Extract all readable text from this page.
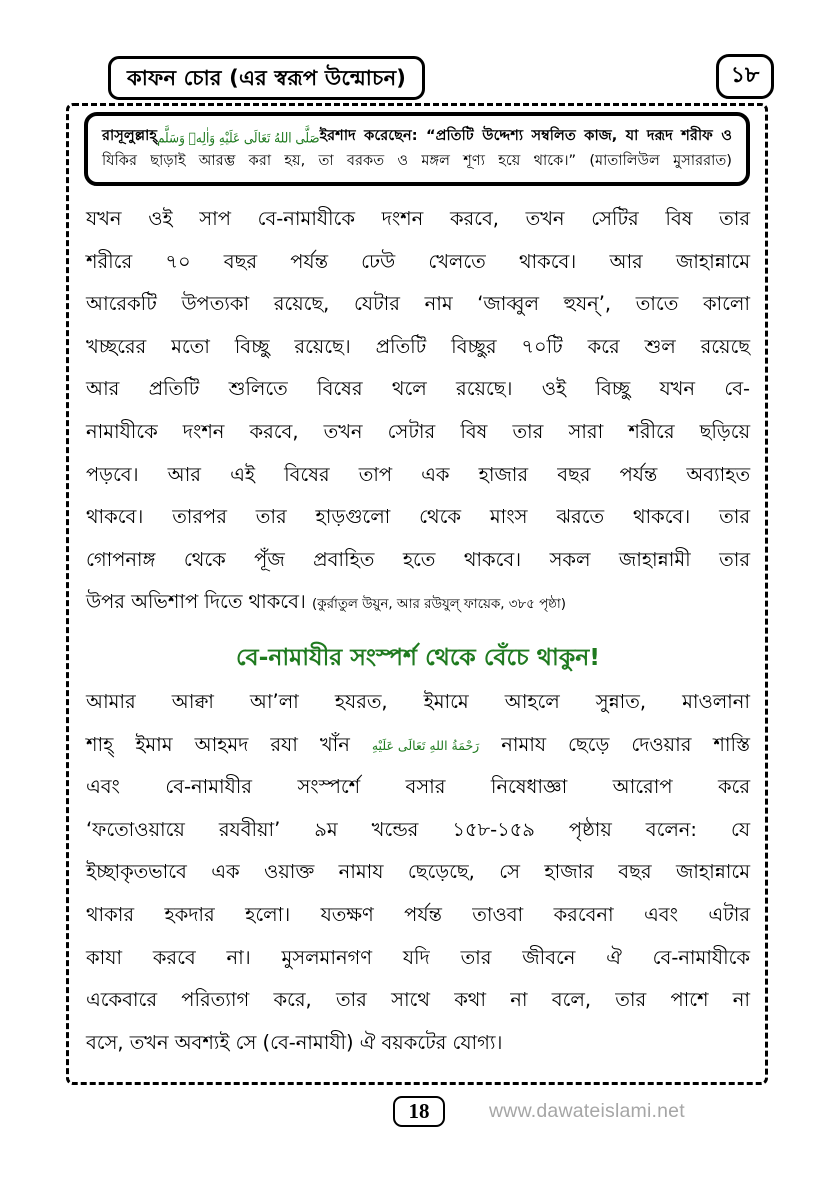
কাফন চোর (এর স্বরূপ উন্মোচন)	১৮
রাসূলুল্লাহ্صَلَّى اللهُ تَعَالَى عَلَيْهِ وَاٰلِهٖ وَسَلَّمইরশাদ করেছেন: “প্রতিটি উদ্দেশ্য সম্বলিত কাজ, যা দরূদ শরীফ ও
যিকির ছাড়াই আরম্ভ করা হয়, তা বরকত ও মঙ্গল শূণ্য হয়ে থাকে।” (মাতালিউল মুসাররাত)
যখন ওই সাপ বে-নামাযীকে দংশন করবে, তখন সেটির বিষ তার
শরীরে ৭০ বছর পর্যন্ত ঢেউ খেলতে থাকবে। আর জাহান্নামে
আরেকটি উপত্যকা রয়েছে, যেটার নাম ‘জাব্বুল হুযন্’, তাতে কালো
খচ্ছরের মতো বিচ্ছু রয়েছে। প্রতিটি বিচ্ছুর ৭০টি করে শুল রয়েছে
আর প্রতিটি শুলিতে বিষের থলে রয়েছে। ওই বিচ্ছু যখন বে-
নামাযীকে দংশন করবে, তখন সেটার বিষ তার সারা শরীরে ছড়িয়ে
পড়বে। আর এই বিষের তাপ এক হাজার বছর পর্যন্ত অব্যাহত
থাকবে। তারপর তার হাড়গুলো থেকে মাংস ঝরতে থাকবে। তার
গোপনাঙ্গ থেকে পূঁজ প্রবাহিত হতে থাকবে। সকল জাহান্নামী তার
উপর অভিশাপ দিতে থাকবে। (কুর্রাতুল উয়ুন, আর রউযুল্ ফায়েক, ৩৮৫ পৃষ্ঠা)
বে-নামাযীর সংস্পর্শ থেকে বেঁচে থাকুন!
আমার আক্বা আ’লা হযরত, ইমামে আহলে সুন্নাত, মাওলানা
শাহ্ ইমাম আহমদ রযা খাঁন رَحْمَةُ اللهِ تَعَالَى عَلَيْهِ নামায ছেড়ে দেওয়ার শাস্তি
এবং বে-নামাযীর সংস্পর্শে বসার নিষেধাজ্ঞা আরোপ করে
‘ফতোওয়ায়ে রযবীয়া’ ৯ম খন্ডের ১৫৮-১৫৯ পৃষ্ঠায় বলেন: যে
ইচ্ছাকৃতভাবে এক ওয়াক্ত নামায ছেড়েছে, সে হাজার বছর জাহান্নামে
থাকার হকদার হলো। যতক্ষণ পর্যন্ত তাওবা করবেনা এবং এটার
কাযা করবে না। মুসলমানগণ যদি তার জীবনে ঐ বে-নামাযীকে
একেবারে পরিত্যাগ করে, তার সাথে কথা না বলে, তার পাশে না
বসে, তখন অবশ্যই সে (বে-নামাযী) ঐ বয়কটের যোগ্য।
18	www.dawateislami.net
